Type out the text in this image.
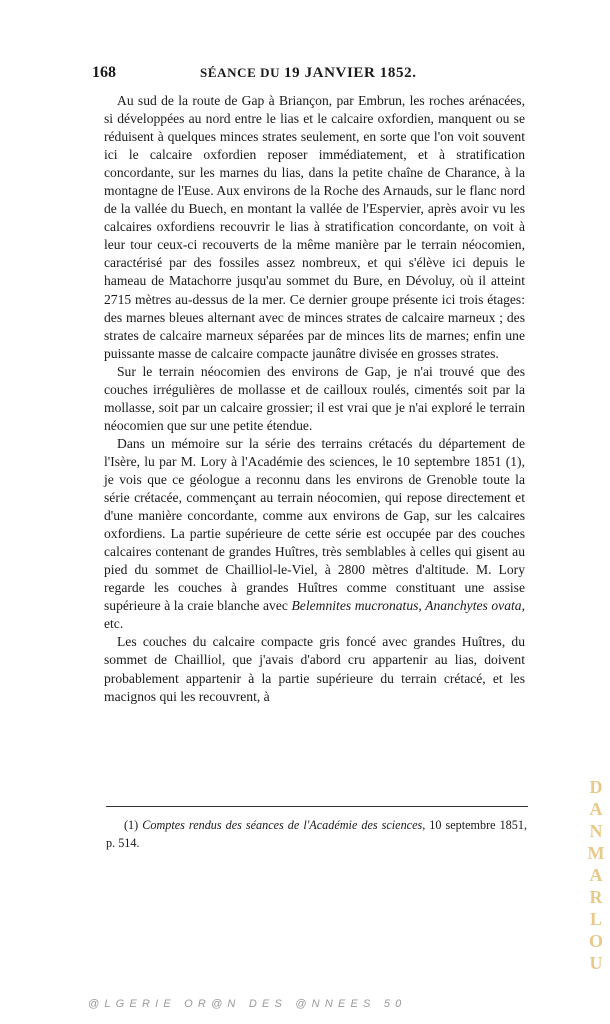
168	SÉANCE DU 19 JANVIER 1852.

Au sud de la route de Gap à Briançon, par Embrun, les roches arénacées, si développées au nord entre le lias et le calcaire oxfordien, manquent ou se réduisent à quelques minces strates seulement, en sorte que l'on voit souvent ici le calcaire oxfordien reposer immédiatement, et à stratification concordante, sur les marnes du lias, dans la petite chaîne de Charance, à la montagne de l'Euse. Aux environs de la Roche des Arnauds, sur le flanc nord de la vallée du Buech, en montant la vallée de l'Espervier, après avoir vu les calcaires oxfordiens recouvrir le lias à stratification concordante, on voit à leur tour ceux-ci recouverts de la même manière par le terrain néocomien, caractérisé par des fossiles assez nombreux, et qui s'élève ici depuis le hameau de Matachorre jusqu'au sommet du Bure, en Dévoluy, où il atteint 2715 mètres au-dessus de la mer. Ce dernier groupe présente ici trois étages: des marnes bleues alternant avec de minces strates de calcaire marneux ; des strates de calcaire marneux séparées par de minces lits de marnes; enfin une puissante masse de calcaire compacte jaunâtre divisée en grosses strates.

Sur le terrain néocomien des environs de Gap, je n'ai trouvé que des couches irrégulières de mollasse et de cailloux roulés, cimentés soit par la mollasse, soit par un calcaire grossier; il est vrai que je n'ai exploré le terrain néocomien que sur une petite étendue.

Dans un mémoire sur la série des terrains crétacés du département de l'Isère, lu par M. Lory à l'Académie des sciences, le 10 septembre 1851 (1), je vois que ce géologue a reconnu dans les environs de Grenoble toute la série crétacée, commençant au terrain néocomien, qui repose directement et d'une manière concordante, comme aux environs de Gap, sur les calcaires oxfordiens. La partie supérieure de cette série est occupée par des couches calcaires contenant de grandes Huîtres, très semblables à celles qui gisent au pied du sommet de Chailliol-le-Viel, à 2800 mètres d'altitude. M. Lory regarde les couches à grandes Huîtres comme constituant une assise supérieure à la craie blanche avec Belemnites mucronatus, Ananchytes ovata, etc.

Les couches du calcaire compacte gris foncé avec grandes Huîtres, du sommet de Chailliol, que j'avais d'abord cru appartenir au lias, doivent probablement appartenir à la partie supérieure du terrain crétacé, et les macignos qui les recouvrent, à

(1) Comptes rendus des séances de l'Académie des sciences, 10 septembre 1851, p. 514.
DANMARLOU
@LGERIE OR@N DES @NNEES 50
